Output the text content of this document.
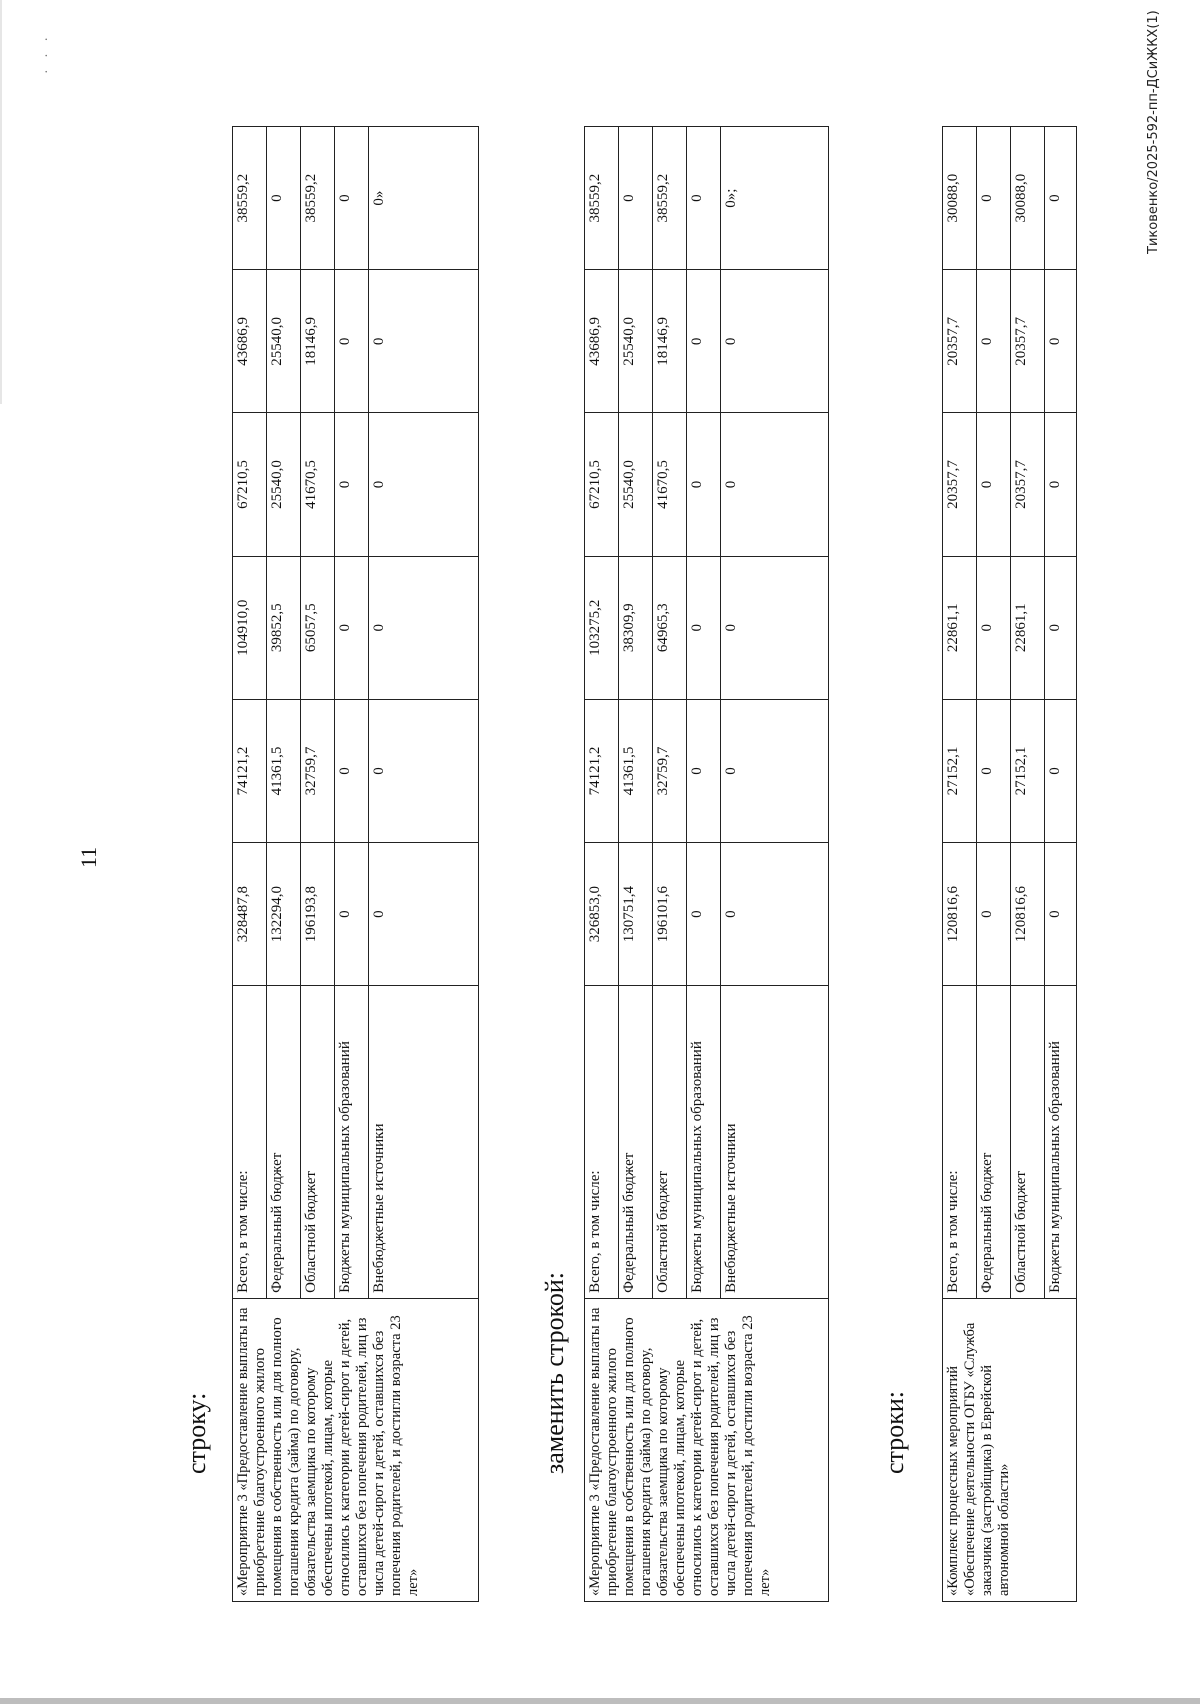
· · ·
11
строку: «Мероприятие 3 «Предоставление выплаты на приобретение благоустроенного жилого помещения в собственность или для полного погашения кредита (займа) по договору, обязательства заемщика по которому обеспечены ипотекой, лицам, которые относились к категории детей-сирот и детей, оставшихся без попечения родителей, лиц из числа детей-сирот и детей, оставшихся без попечения родителей, и достигли возраста 23 лет»	Всего, в том числе:	328487,8	74121,2	104910,0	67210,5	43686,9	38559,2
	Федеральный бюджет	132294,0	41361,5	39852,5	25540,0	25540,0	0
	Областной бюджет	196193,8	32759,7	65057,5	41670,5	18146,9	38559,2
	Бюджеты муниципальных образований	0	0	0	0	0	0
	Внебюджетные источники	0	0	0	0	0	0»
заменить строкой: «Мероприятие 3 «Предоставление выплаты на приобретение благоустроенного жилого помещения в собственность или для полного погашения кредита (займа) по договору, обязательства заемщика по которому обеспечены ипотекой, лицам, которые относились к категории детей-сирот и детей, оставшихся без попечения родителей, лиц из числа детей-сирот и детей, оставшихся без попечения родителей, и достигли возраста 23 лет»	Всего, в том числе:	326853,0	74121,2	103275,2	67210,5	43686,9	38559,2
	Федеральный бюджет	130751,4	41361,5	38309,9	25540,0	25540,0	0
	Областной бюджет	196101,6	32759,7	64965,3	41670,5	18146,9	38559,2
	Бюджеты муниципальных образований	0	0	0	0	0	0
	Внебюджетные источники	0	0	0	0	0	0»;
строки: «Комплекс процессных мероприятий «Обеспечение деятельности ОГБУ «Служба заказчика (застройщика) в Еврейской автономной области»	Всего, в том числе:	120816,6	27152,1	22861,1	20357,7	20357,7	30088,0
	Федеральный бюджет	0	0	0	0	0	0
	Областной бюджет	120816,6	27152,1	22861,1	20357,7	20357,7	30088,0
	Бюджеты муниципальных образований	0	0	0	0	0	0	Тиковенко/2025-592-пп-ДСиЖКХ(1)
